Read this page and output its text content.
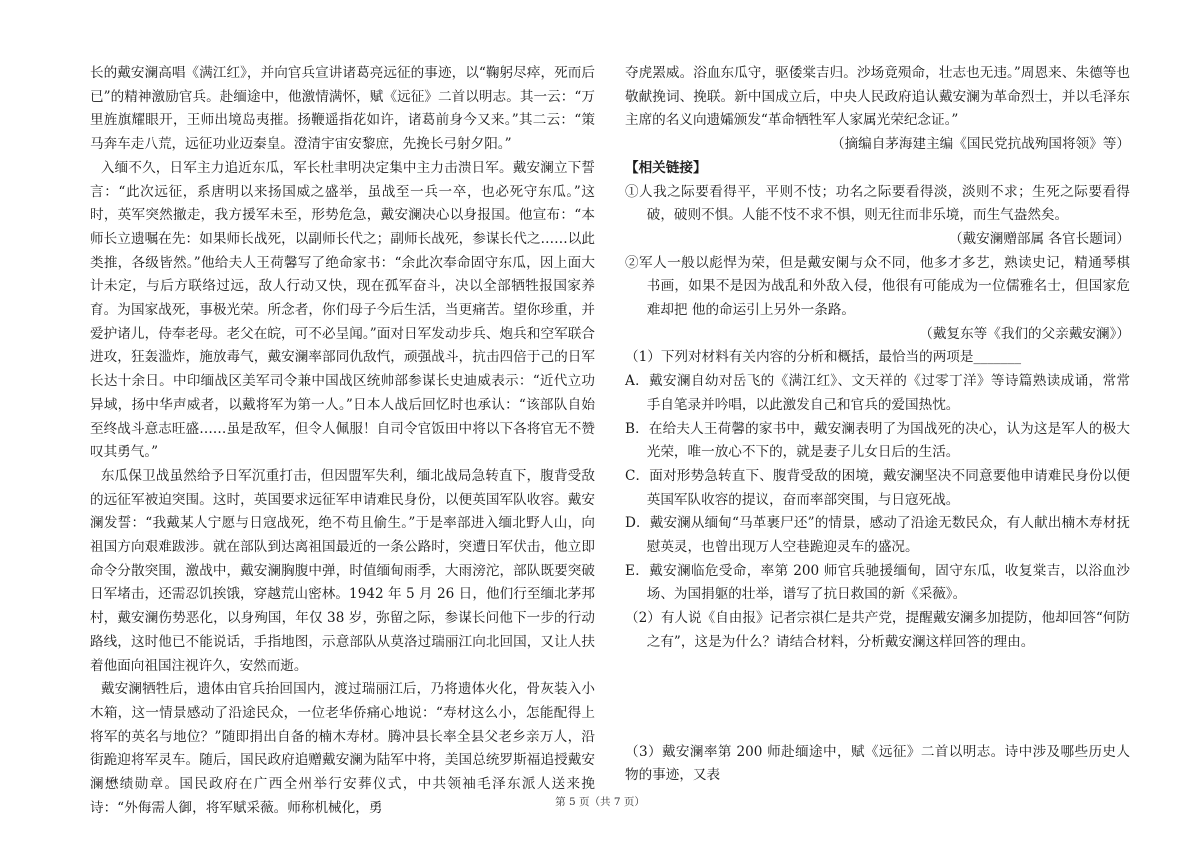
长的戴安澜高唱《满江红》，并向官兵宣讲诸葛亮远征的事迹，以“鞠躬尽瘁，死而后已”的精神激励官兵。赴缅途中，他激情满怀，赋《远征》二首以明志。其一云：“万里旌旗耀眼开，王师出境岛夷摧。扬鞭遥指花如许，诸葛前身今又来。”其二云：“策马奔车走八荒，远征功业迈秦皇。澄清宇宙安黎庶，先挽长弓射夕阳。”

入缅不久，日军主力追近东瓜，军长杜聿明决定集中主力击溃日军。戴安澜立下誓言：“此次远征，系唐明以来扬国威之盛举，虽战至一兵一卒，也必死守东瓜。”这时，英军突然撤走，我方援军未至，形势危急，戴安澜决心以身报国。他宣布：“本师长立遗嘱在先：如果师长战死，以副师长代之；副师长战死，参谋长代之……以此类推，各级皆然。”他给夫人王荷馨写了绝命家书：“余此次奉命固守东瓜，因上面大计未定，与后方联络过远，敌人行动又快，现在孤军奋斗，决以全部牺牲报国家养育。为国家战死，事极光荣。所念者，你们母子今后生活，当更痛苦。望你珍重，并爱护诸儿，侍奉老母。老父在皖，可不必呈闻。”面对日军发动步兵、炮兵和空军联合进攻，狂轰滥炸，施放毒气，戴安澜率部同仇敌忾，顽强战斗，抗击四倍于己的日军长达十余日。中印缅战区美军司令兼中国战区统帅部参谋长史迪威表示：“近代立功异域，扬中华声威者，以戴将军为第一人。”日本人战后回忆时也承认：“该部队自始至终战斗意志旺盛……虽是敌军，但令人佩服！自司令官饭田中将以下各将官无不赞叹其勇气。”

东瓜保卫战虽然给予日军沉重打击，但因盟军失利，缅北战局急转直下，腹背受敌的远征军被迫突围。这时，英国要求远征军申请难民身份，以便英国军队收容。戴安澜发誓：“我戴某人宁愿与日寇战死，绝不苟且偷生。”于是率部进入缅北野人山，向祖国方向艰难跋涉。就在部队到达离祖国最近的一条公路时，突遭日军伏击，他立即命令分散突围，激战中，戴安澜胸腹中弹，时值缅甸雨季，大雨滂沱，部队既要突破日军堵击，还需忍饥挨饿，穿越荒山密林。1942 年 5 月 26 日，他们行至缅北茅邦村，戴安澜伤势恶化，以身殉国，年仅 38 岁，弥留之际，参谋长问他下一步的行动路线，这时他已不能说话，手指地图，示意部队从莫洛过瑞丽江向北回国，又让人扶着他面向祖国注视许久，安然而逝。

戴安澜牺牲后，遗体由官兵抬回国内，渡过瑞丽江后，乃将遗体火化，骨灰装入小木箱，这一情景感动了沿途民众，一位老华侨痛心地说：“寿材这么小，怎能配得上将军的英名与地位？”随即捐出自备的楠木寿材。腾冲县长率全县父老乡亲万人，沿街跪迎将军灵车。随后，国民政府追赠戴安澜为陆军中将，美国总统罗斯福追授戴安澜懋绩勋章。国民政府在广西全州举行安葬仪式，中共领袖毛泽东派人送来挽诗：“外侮需人御，将军赋采薇。师称机械化，勇

夺虎罴威。浴血东瓜守，驱倭棠吉归。沙场竟殒命，壮志也无违。”周恩来、朱德等也敬献挽词、挽联。新中国成立后，中央人民政府追认戴安澜为革命烈士，并以毛泽东主席的名义向遗孀颁发“革命牺牲军人家属光荣纪念证。”

（摘编自茅海建主编《国民党抗战殉国将领》等）

【相关链接】

①人我之际要看得平，平则不忮；功名之际要看得淡，淡则不求；生死之际要看得 破，破则不惧。人能不忮不求不惧，则无往而非乐境，而生气盎然矣。

（戴安澜赠部属 各官长题词）

②军人一般以彪悍为荣，但是戴安阑与众不同，他多才多艺，熟读史记，精通琴棋 书画，如果不是因为战乱和外敌入侵，他很有可能成为一位儒雅名士，但国家危难却把 他的命运引上另外一条路。

（戴复东等《我们的父亲戴安澜》）

（1）下列对材料有关内容的分析和概括，最恰当的两项是_______

A．戴安澜自幼对岳飞的《满江红》、文天祥的《过零丁洋》等诗篇熟读成诵，常常手自笔录并吟唱，以此激发自己和官兵的爱国热忱。

B．在给夫人王荷馨的家书中，戴安澜表明了为国战死的决心，认为这是军人的极大光荣，唯一放心不下的，就是妻子儿女日后的生活。

C．面对形势急转直下、腹背受敌的困境，戴安澜坚决不同意要他申请难民身份以便英国军队收容的提议，奋而率部突围，与日寇死战。

D．戴安澜从缅甸“马革裹尸还”的情景，感动了沿途无数民众，有人献出楠木寿材抚慰英灵，也曾出现万人空巷跪迎灵车的盛况。

E．戴安澜临危受命，率第 200 师官兵驰援缅甸，固守东瓜，收复棠吉，以浴血沙场、为国捐躯的壮举，谱写了抗日救国的新《采薇》。

（2）有人说《自由报》记者宗祺仁是共产党，提醒戴安澜多加提防，他却回答“何防之有”，这是为什么？请结合材料，分析戴安澜这样回答的理由。

（3）戴安澜率第 200 师赴缅途中，赋《远征》二首以明志。诗中涉及哪些历史人物的事迹，又表

第 5 页（共 7 页）
